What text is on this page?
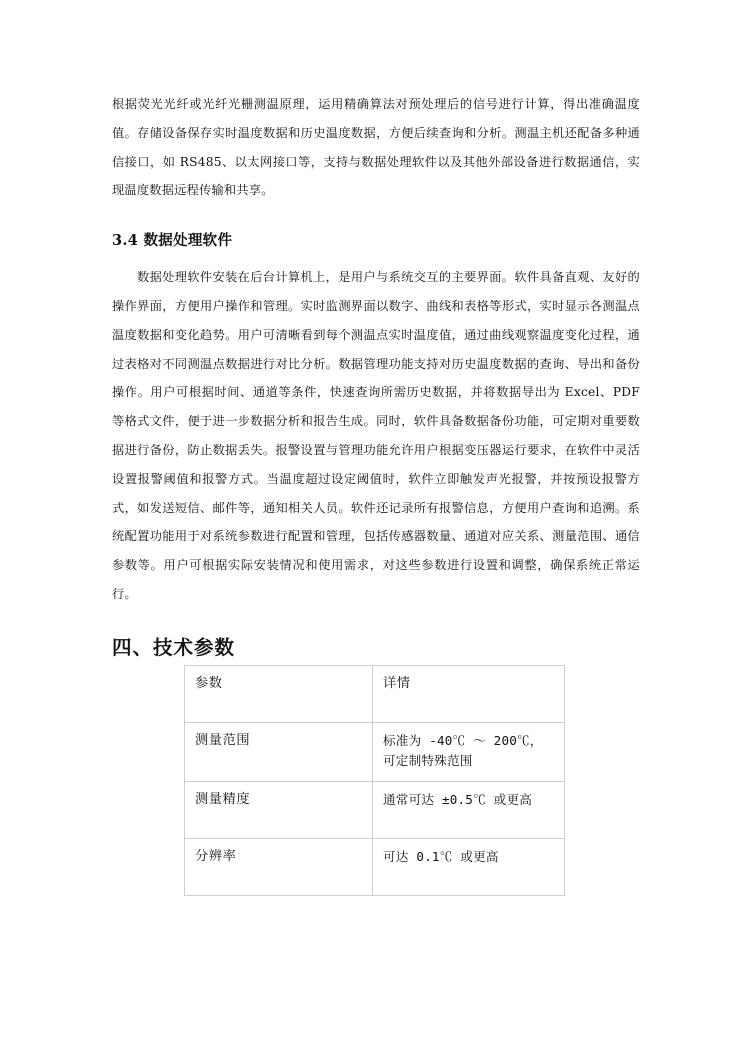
根据荧光光纤或光纤光栅测温原理，运用精确算法对预处理后的信号进行计算，得出准确温度值。存储设备保存实时温度数据和历史温度数据，方便后续查询和分析。测温主机还配备多种通信接口，如 RS485、以太网接口等，支持与数据处理软件以及其他外部设备进行数据通信，实现温度数据远程传输和共享。

3.4 数据处理软件

数据处理软件安装在后台计算机上，是用户与系统交互的主要界面。软件具备直观、友好的操作界面，方便用户操作和管理。实时监测界面以数字、曲线和表格等形式，实时显示各测温点温度数据和变化趋势。用户可清晰看到每个测温点实时温度值，通过曲线观察温度变化过程，通过表格对不同测温点数据进行对比分析。数据管理功能支持对历史温度数据的查询、导出和备份操作。用户可根据时间、通道等条件，快速查询所需历史数据，并将数据导出为 Excel、PDF 等格式文件，便于进一步数据分析和报告生成。同时，软件具备数据备份功能，可定期对重要数据进行备份，防止数据丢失。报警设置与管理功能允许用户根据变压器运行要求，在软件中灵活设置报警阈值和报警方式。当温度超过设定阈值时，软件立即触发声光报警，并按预设报警方式，如发送短信、邮件等，通知相关人员。软件还记录所有报警信息，方便用户查询和追溯。系统配置功能用于对系统参数进行配置和管理，包括传感器数量、通道对应关系、测量范围、通信参数等。用户可根据实际安装情况和使用需求，对这些参数进行设置和调整，确保系统正常运行。

四、技术参数
参数	详情
测量范围	标准为 -40℃ ～ 200℃，可定制特殊范围
测量精度	通常可达 ±0.5℃ 或更高
分辨率	可达 0.1℃ 或更高
